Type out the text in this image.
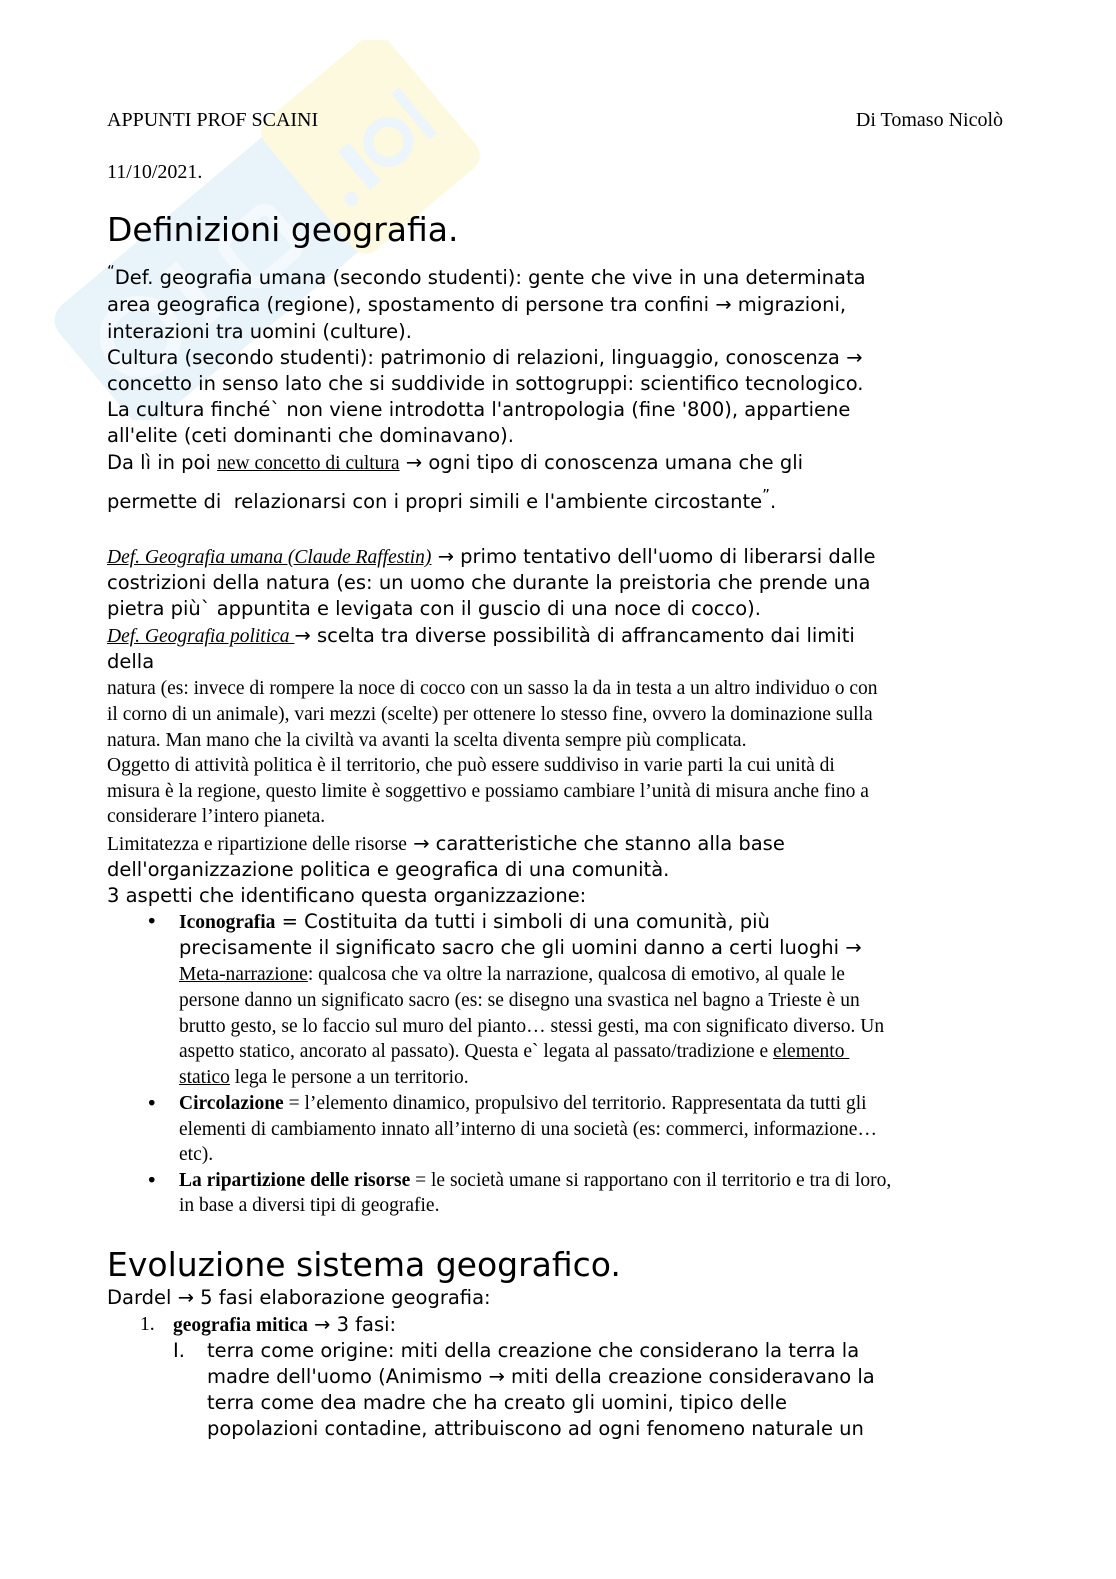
APPUNTI PROF SCAINI	Di Tomaso Nicolò
11/10/2021.
Definizioni geografia.
“Def. geografia umana (secondo studenti): gente che vive in una determinata
area geografica (regione), spostamento di persone tra confini → migrazioni,
interazioni tra uomini (culture).
Cultura (secondo studenti): patrimonio di relazioni, linguaggio, conoscenza →
concetto in senso lato che si suddivide in sottogruppi: scientifico tecnologico.
La cultura finché` non viene introdotta l'antropologia (fine '800), appartiene
all'elite (ceti dominanti che dominavano).
Da lì in poi new concetto di cultura → ogni tipo di conoscenza umana che gli
permette di  relazionarsi con i propri simili e l'ambiente circostante”.
Def. Geografia umana (Claude Raffestin) → primo tentativo dell'uomo di liberarsi dalle
costrizioni della natura (es: un uomo che durante la preistoria che prende una
pietra più` appuntita e levigata con il guscio di una noce di cocco).
Def. Geografia politica → scelta tra diverse possibilità di affrancamento dai limiti
della
natura (es: invece di rompere la noce di cocco con un sasso la da in testa a un altro individuo o con
il corno di un animale), vari mezzi (scelte) per ottenere lo stesso fine, ovvero la dominazione sulla
natura. Man mano che la civiltà va avanti la scelta diventa sempre più complicata.
Oggetto di attività politica è il territorio, che può essere suddiviso in varie parti la cui unità di
misura è la regione, questo limite è soggettivo e possiamo cambiare l’unità di misura anche fino a
considerare l’intero pianeta.
Limitatezza e ripartizione delle risorse → caratteristiche che stanno alla base
dell'organizzazione politica e geografica di una comunità.
3 aspetti che identificano questa organizzazione:
Iconografia = Costituita da tutti i simboli di una comunità, più
•
precisamente il significato sacro che gli uomini danno a certi luoghi →
Meta-narrazione: qualcosa che va oltre la narrazione, qualcosa di emotivo, al quale le
persone danno un significato sacro (es: se disegno una svastica nel bagno a Trieste è un
brutto gesto, se lo faccio sul muro del pianto… stessi gesti, ma con significato diverso. Un
aspetto statico, ancorato al passato). Questa e` legata al passato/tradizione e elemento
statico lega le persone a un territorio.
Circolazione = l’elemento dinamico, propulsivo del territorio. Rappresentata da tutti gli
•
elementi di cambiamento innato all’interno di una società (es: commerci, informazione…
etc).
La ripartizione delle risorse = le società umane si rapportano con il territorio e tra di loro,
•
in base a diversi tipi di geografie.
Evoluzione sistema geografico.
Dardel → 5 fasi elaborazione geografia:
geografia mitica → 3 fasi:
1.
terra come origine: miti della creazione che considerano la terra la
I.
madre dell'uomo (Animismo → miti della creazione consideravano la
terra come dea madre che ha creato gli uomini, tipico delle
popolazioni contadine, attribuiscono ad ogni fenomeno naturale un
